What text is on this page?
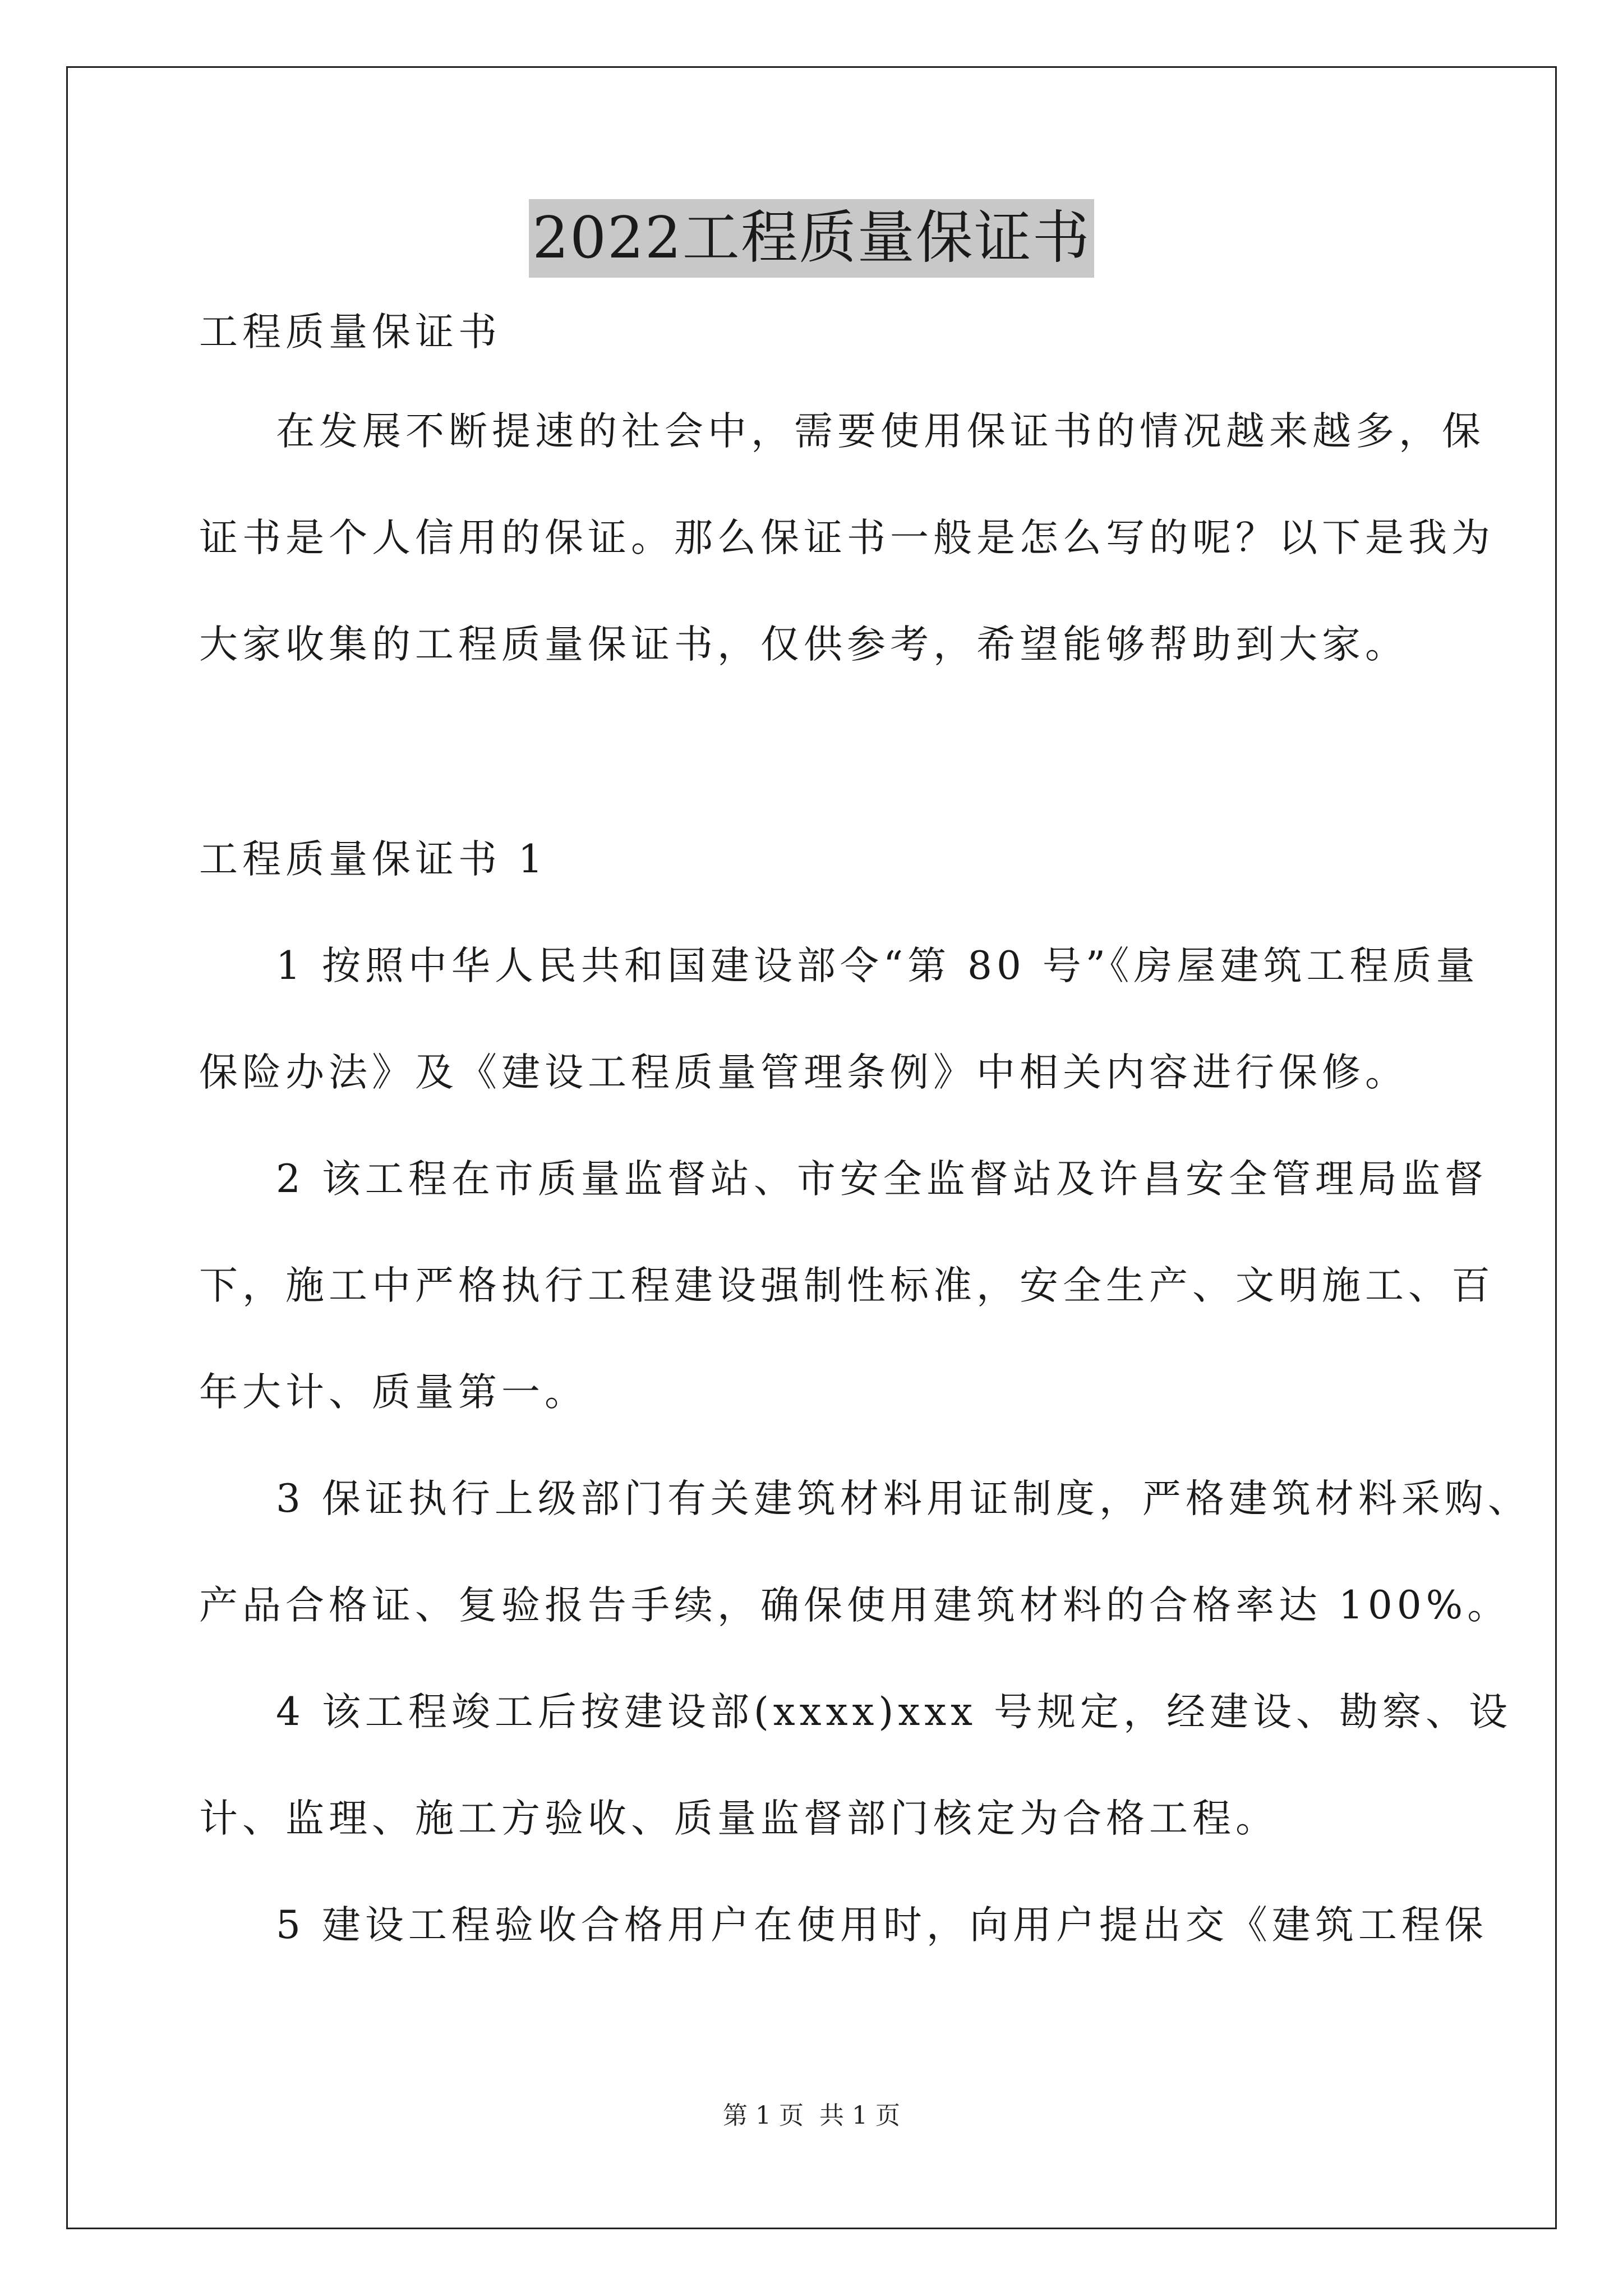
2022工程质量保证书
工程质量保证书
在发展不断提速的社会中，需要使用保证书的情况越来越多，保
证书是个人信用的保证。那么保证书一般是怎么写的呢？以下是我为
大家收集的工程质量保证书，仅供参考，希望能够帮助到大家。
工程质量保证书 1
1 按照中华人民共和国建设部令“第 80 号”《房屋建筑工程质量
保险办法》及《建设工程质量管理条例》中相关内容进行保修。
2 该工程在市质量监督站、市安全监督站及许昌安全管理局监督
下，施工中严格执行工程建设强制性标准，安全生产、文明施工、百
年大计、质量第一。
3 保证执行上级部门有关建筑材料用证制度，严格建筑材料采购、
产品合格证、复验报告手续，确保使用建筑材料的合格率达 100%。
4 该工程竣工后按建设部(xxxx)xxx 号规定，经建设、勘察、设
计、监理、施工方验收、质量监督部门核定为合格工程。
5 建设工程验收合格用户在使用时，向用户提出交《建筑工程保
第 1 页 共 1 页
